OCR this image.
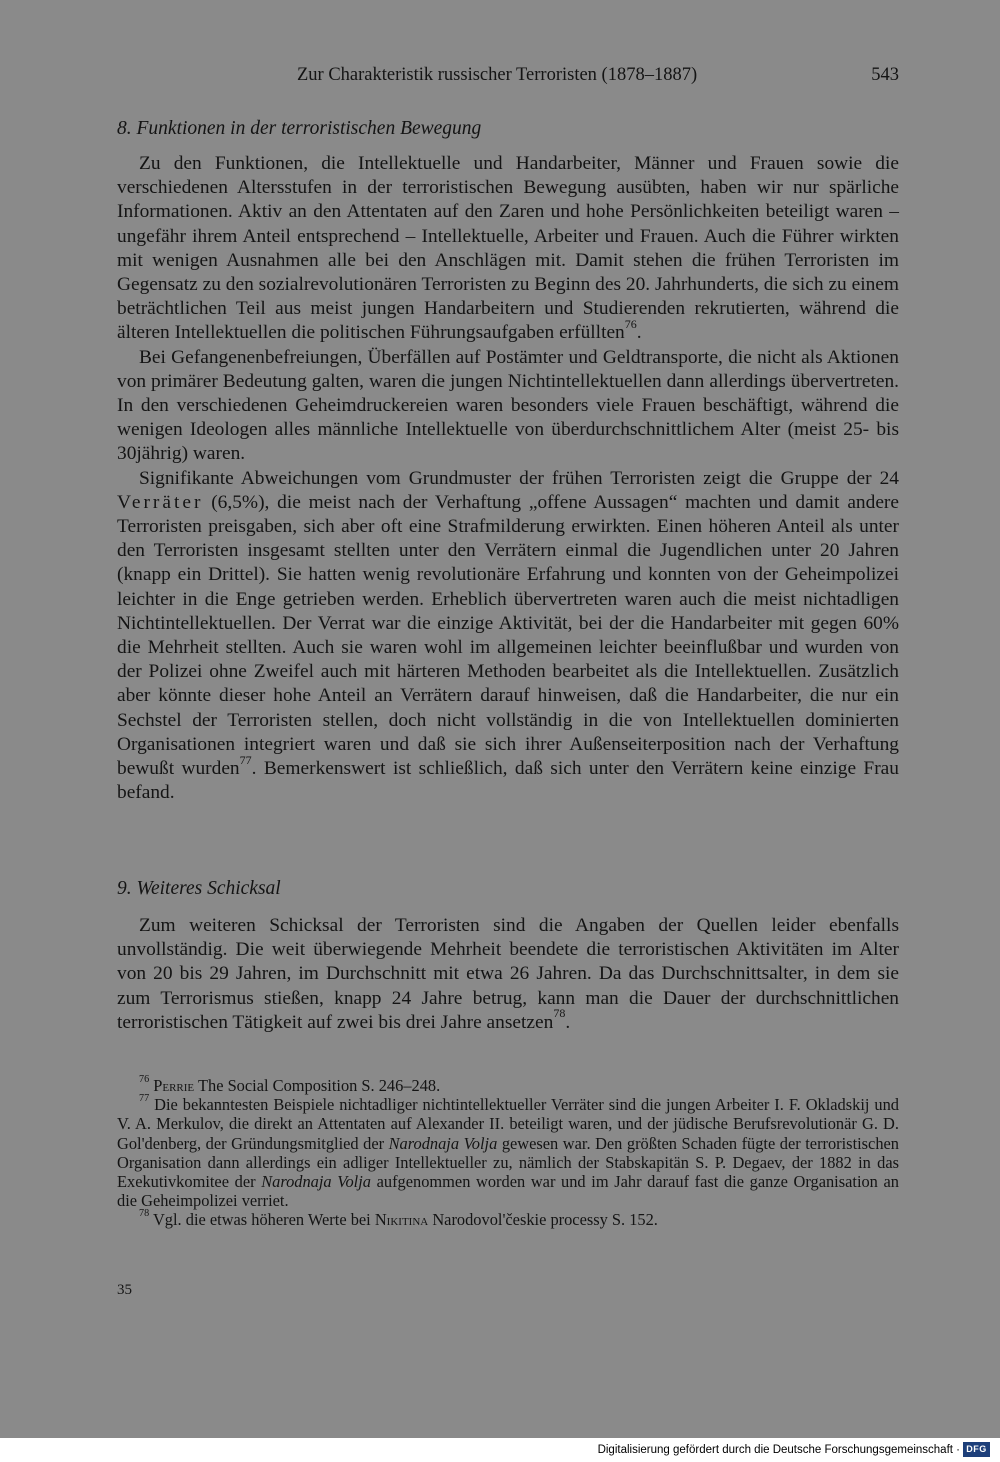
Zur Charakteristik russischer Terroristen (1878–1887)	543
8. Funktionen in der terroristischen Bewegung

Zu den Funktionen, die Intellektuelle und Handarbeiter, Männer und Frauen sowie die verschiedenen Altersstufen in der terroristischen Bewegung ausübten, haben wir nur spärliche Informationen. Aktiv an den Attentaten auf den Zaren und hohe Persönlichkeiten beteiligt waren – ungefähr ihrem Anteil entsprechend – Intellektuelle, Arbeiter und Frauen. Auch die Führer wirkten mit wenigen Ausnahmen alle bei den Anschlägen mit. Damit stehen die frühen Terroristen im Gegensatz zu den sozialrevolutionären Terroristen zu Beginn des 20. Jahrhunderts, die sich zu einem beträchtlichen Teil aus meist jungen Handarbeitern und Studierenden rekrutierten, während die älteren Intellektuellen die politischen Führungsaufgaben erfüllten$^{76}$.

Bei Gefangenenbefreiungen, Überfällen auf Postämter und Geldtransporte, die nicht als Aktionen von primärer Bedeutung galten, waren die jungen Nichtintellektuellen dann allerdings übervertreten. In den verschiedenen Geheimdruckereien waren besonders viele Frauen beschäftigt, während die wenigen Ideologen alles männliche Intellektuelle von überdurchschnittlichem Alter (meist 25- bis 30jährig) waren.

Signifikante Abweichungen vom Grundmuster der frühen Terroristen zeigt die Gruppe der 24 Verräter (6,5%), die meist nach der Verhaftung „offene Aussagen“ machten und damit andere Terroristen preisgaben, sich aber oft eine Strafmilderung erwirkten. Einen höheren Anteil als unter den Terroristen insgesamt stellten unter den Verrätern einmal die Jugendlichen unter 20 Jahren (knapp ein Drittel). Sie hatten wenig revolutionäre Erfahrung und konnten von der Geheimpolizei leichter in die Enge getrieben werden. Erheblich übervertreten waren auch die meist nichtadligen Nichtintellektuellen. Der Verrat war die einzige Aktivität, bei der die Handarbeiter mit gegen 60% die Mehrheit stellten. Auch sie waren wohl im allgemeinen leichter beeinflußbar und wurden von der Polizei ohne Zweifel auch mit härteren Methoden bearbeitet als die Intellektuellen. Zusätzlich aber könnte dieser hohe Anteil an Verrätern darauf hinweisen, daß die Handarbeiter, die nur ein Sechstel der Terroristen stellen, doch nicht vollständig in die von Intellektuellen dominierten Organisationen integriert waren und daß sie sich ihrer Außenseiterposition nach der Verhaftung bewußt wurden$^{77}$. Bemerkenswert ist schließlich, daß sich unter den Verrätern keine einzige Frau befand.

9. Weiteres Schicksal

Zum weiteren Schicksal der Terroristen sind die Angaben der Quellen leider ebenfalls unvollständig. Die weit überwiegende Mehrheit beendete die terroristischen Aktivitäten im Alter von 20 bis 29 Jahren, im Durchschnitt mit etwa 26 Jahren. Da das Durchschnittsalter, in dem sie zum Terrorismus stießen, knapp 24 Jahre betrug, kann man die Dauer der durchschnittlichen terroristischen Tätigkeit auf zwei bis drei Jahre ansetzen$^{78}$.

$^{76}$ Perrie The Social Composition S. 246–248.

$^{77}$ Die bekanntesten Beispiele nichtadliger nichtintellektueller Verräter sind die jungen Arbeiter I. F. Okladskij und V. A. Merkulov, die direkt an Attentaten auf Alexander II. beteiligt waren, und der jüdische Berufsrevolutionär G. D. Gol'denberg, der Gründungsmitglied der Narodnaja Volja gewesen war. Den größten Schaden fügte der terroristischen Organisation dann allerdings ein adliger Intellektueller zu, nämlich der Stabskapitän S. P. Degaev, der 1882 in das Exekutivkomitee der Narodnaja Volja aufgenommen worden war und im Jahr darauf fast die ganze Organisation an die Geheimpolizei verriet.

$^{78}$ Vgl. die etwas höheren Werte bei Nikitina Narodovol'českie processy S. 152.

35
Digitalisierung gefördert durch die Deutsche Forschungsgemeinschaft · DFG
